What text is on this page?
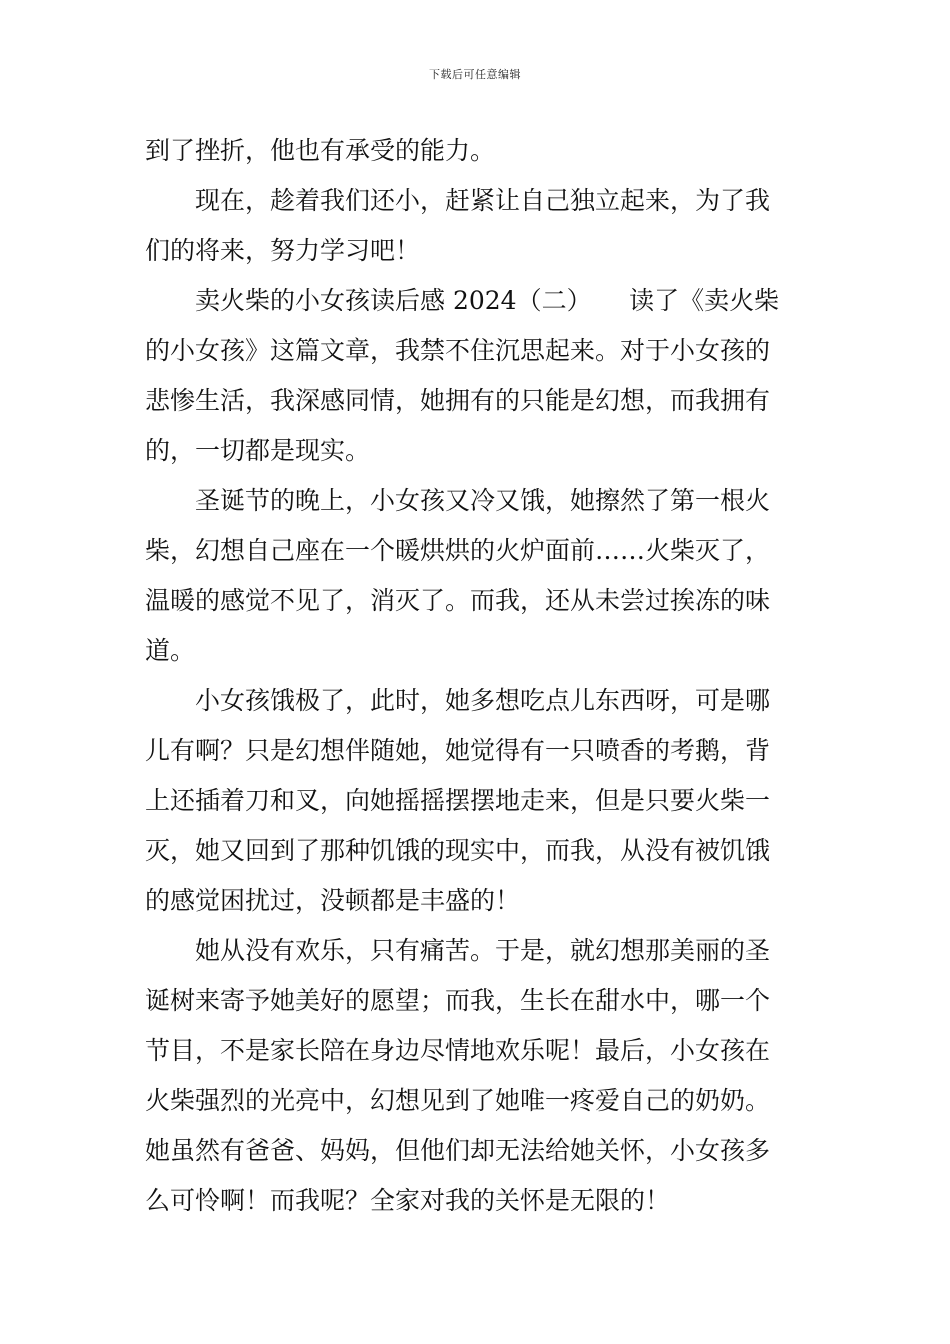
下载后可任意编辑
到了挫折，他也有承受的能力。
　　现在，趁着我们还小，赶紧让自己独立起来，为了我
们的将来，努力学习吧！
　　卖火柴的小女孩读后感 2024（二）　　读了《卖火柴
的小女孩》这篇文章，我禁不住沉思起来。对于小女孩的
悲惨生活，我深感同情，她拥有的只能是幻想，而我拥有
的，一切都是现实。
　　圣诞节的晚上，小女孩又冷又饿，她擦然了第一根火
柴，幻想自己座在一个暖烘烘的火炉面前……火柴灭了，
温暖的感觉不见了，消灭了。而我，还从未尝过挨冻的味
道。
　　小女孩饿极了，此时，她多想吃点儿东西呀，可是哪
儿有啊？只是幻想伴随她，她觉得有一只喷香的考鹅，背
上还插着刀和叉，向她摇摇摆摆地走来，但是只要火柴一
灭，她又回到了那种饥饿的现实中，而我，从没有被饥饿
的感觉困扰过，没顿都是丰盛的！
　　她从没有欢乐，只有痛苦。于是，就幻想那美丽的圣
诞树来寄予她美好的愿望；而我，生长在甜水中，哪一个
节目，不是家长陪在身边尽情地欢乐呢！最后，小女孩在
火柴强烈的光亮中，幻想见到了她唯一疼爱自己的奶奶。
她虽然有爸爸、妈妈，但他们却无法给她关怀，小女孩多
么可怜啊！而我呢？全家对我的关怀是无限的！
